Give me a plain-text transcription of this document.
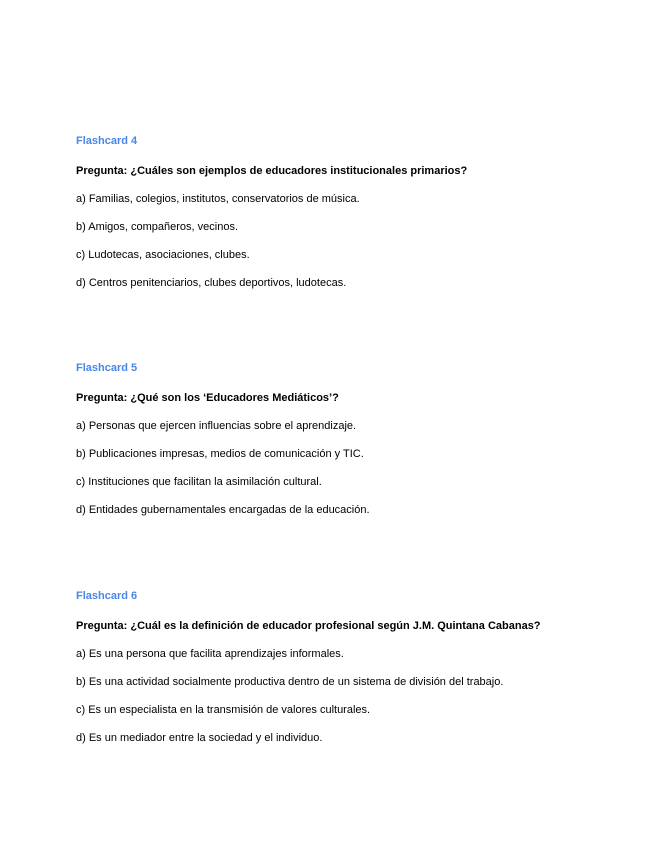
Flashcard 4
Pregunta: ¿Cuáles son ejemplos de educadores institucionales primarios?
a) Familias, colegios, institutos, conservatorios de música.
b) Amigos, compañeros, vecinos.
c) Ludotecas, asociaciones, clubes.
d) Centros penitenciarios, clubes deportivos, ludotecas.
Flashcard 5
Pregunta: ¿Qué son los ‘Educadores Mediáticos’?
a) Personas que ejercen influencias sobre el aprendizaje.
b) Publicaciones impresas, medios de comunicación y TIC.
c) Instituciones que facilitan la asimilación cultural.
d) Entidades gubernamentales encargadas de la educación.
Flashcard 6
Pregunta: ¿Cuál es la definición de educador profesional según J.M. Quintana Cabanas?
a) Es una persona que facilita aprendizajes informales.
b) Es una actividad socialmente productiva dentro de un sistema de división del trabajo.
c) Es un especialista en la transmisión de valores culturales.
d) Es un mediador entre la sociedad y el individuo.
